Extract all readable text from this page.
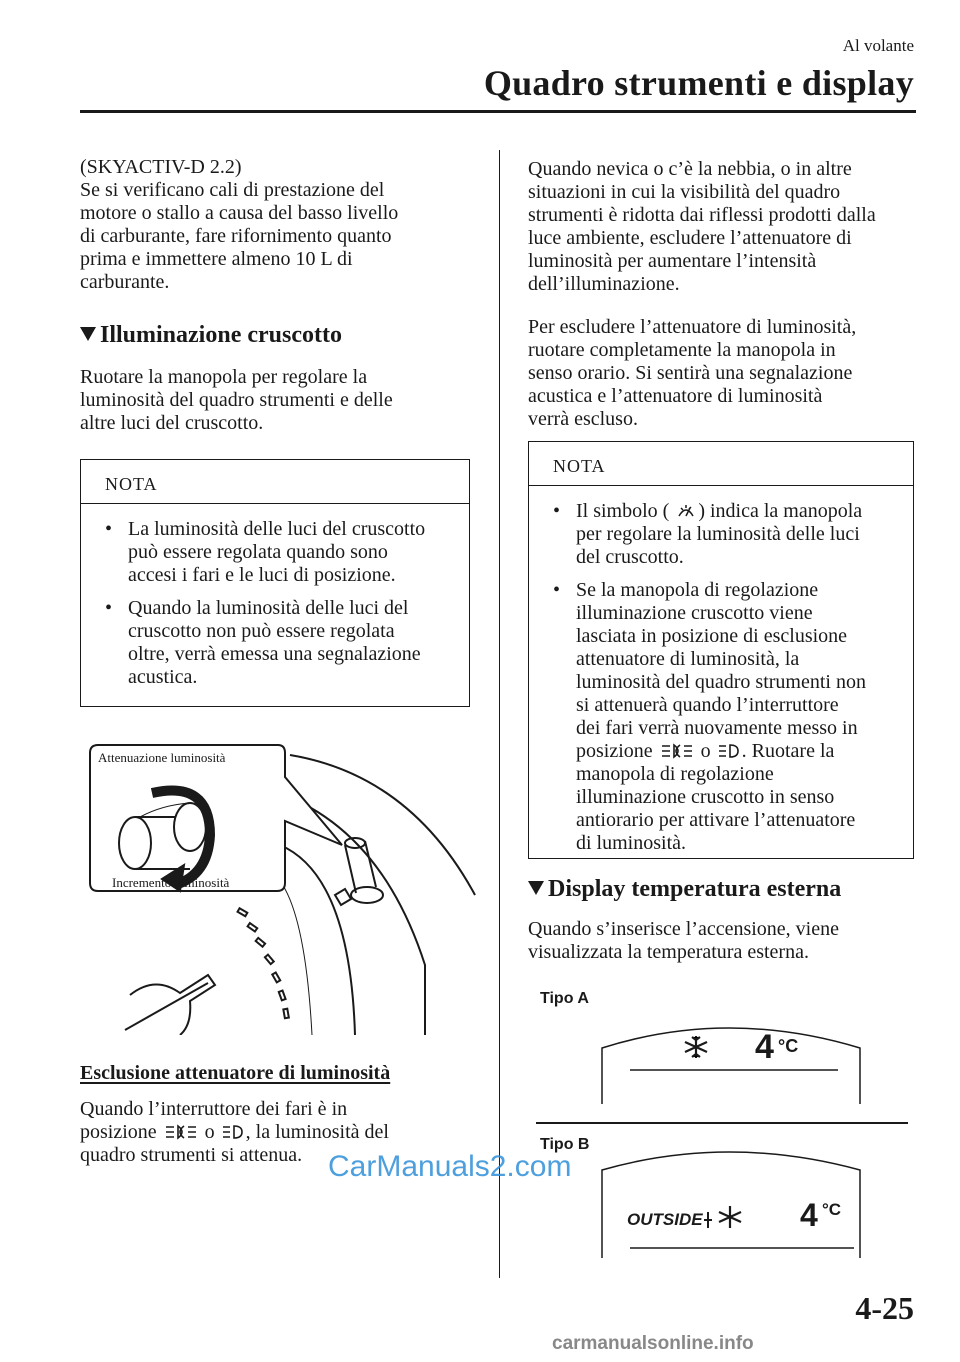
Al volante
Quadro strumenti e display

(SKYACTIV-D 2.2)

Se si verificano cali di prestazione del

motore o stallo a causa del basso livello

di carburante, fare rifornimento quanto

prima e immettere almeno 10 L di

carburante.

Illuminazione cruscotto

Ruotare la manopola per regolare la

luminosità del quadro strumenti e delle

altre luci del cruscotto.

NOTA
• La luminosità delle luci del cruscotto
può essere regolata quando sono
accesi i fari e le luci di posizione.
• Quando la luminosità delle luci del
cruscotto non può essere regolata
oltre, verrà emessa una segnalazione
acustica.
Attenuazione luminosità
Incremento luminosità
Esclusione attenuatore di luminosità

Quando l’interruttore dei fari è in

posizione o , la luminosità del

quadro strumenti si attenua.

Quando nevica o c’è la nebbia, o in altre

situazioni in cui la visibilità del quadro

strumenti è ridotta dai riflessi prodotti dalla

luce ambiente, escludere l’attenuatore di

luminosità per aumentare l’intensità

dell’illuminazione.

Per escludere l’attenuatore di luminosità,

ruotare completamente la manopola in

senso orario. Si sentirà una segnalazione

acustica e l’attenuatore di luminosità

verrà escluso.

NOTA
• Il simbolo ( ) indica la manopola
per regolare la luminosità delle luci
del cruscotto.
• Se la manopola di regolazione
illuminazione cruscotto viene
lasciata in posizione di esclusione
attenuatore di luminosità, la
luminosità del quadro strumenti non
si attenuerà quando l’interruttore
dei fari verrà nuovamente messo in
posizione o . Ruotare la
manopola di regolazione
illuminazione cruscotto in senso
antiorario per attivare l’attenuatore
di luminosità.
Display temperatura esterna

Quando s’inserisce l’accensione, viene

visualizzata la temperatura esterna.

Tipo A
4 °C
Tipo B
OUTSIDE	4 °C
CarManuals2.com
4-25
carmanualsonline.info
